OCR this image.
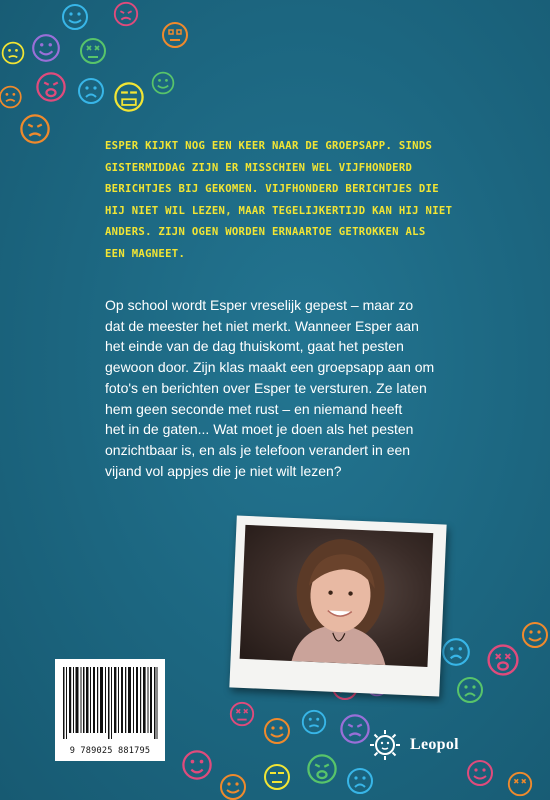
ESPER KIJKT NOG EEN KEER NAAR DE GROEPSAPP. SINDS
GISTERMIDDAG ZIJN ER MISSCHIEN WEL VIJFHONDERD
BERICHTJES BIJ GEKOMEN. VIJFHONDERD BERICHTJES DIE
HIJ NIET WIL LEZEN, MAAR TEGELIJKERTIJD KAN HIJ NIET
ANDERS. ZIJN OGEN WORDEN ERNAARTOE GETROKKEN ALS
EEN MAGNEET.
Op school wordt Esper vreselijk gepest – maar zo
dat de meester het niet merkt. Wanneer Esper aan
het einde van de dag thuiskomt, gaat het pesten
gewoon door. Zijn klas maakt een groepsapp aan om
foto's en berichten over Esper te versturen. Ze laten
hem geen seconde met rust – en niemand heeft
het in de gaten... Wat moet je doen als het pesten
onzichtbaar is, en als je telefoon verandert in een
vijand vol appjes die je niet wilt lezen?
9 789025 881795	Leopol
